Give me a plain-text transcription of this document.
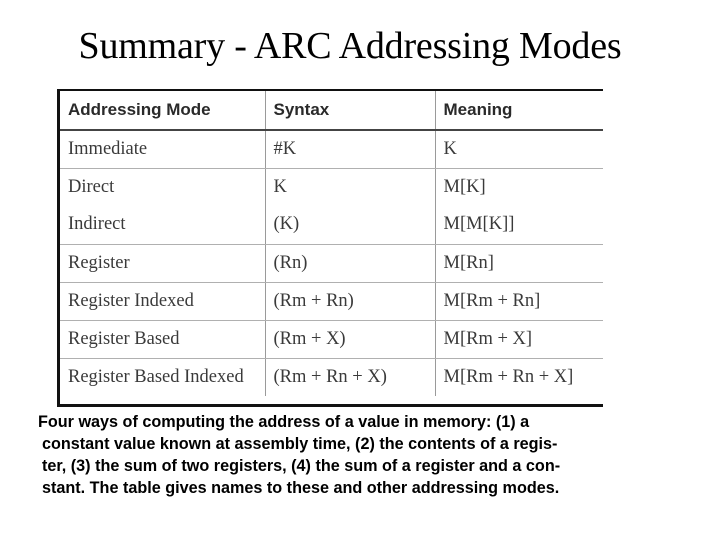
Summary - ARC Addressing Modes
Addressing Mode	Syntax	Meaning
Immediate	#K	K
Direct	K	M[K]
Indirect	(K)	M[M[K]]
Register	(Rn)	M[Rn]
Register Indexed	(Rm + Rn)	M[Rm + Rn]
Register Based	(Rm + X)	M[Rm + X]
Register Based Indexed	(Rm + Rn + X)	M[Rm + Rn + X]
Four ways of computing the address of a value in memory: (1) a
constant value known at assembly time, (2) the contents of a regis-
ter, (3) the sum of two registers, (4) the sum of a register and a con-
stant. The table gives names to these and other addressing modes.
